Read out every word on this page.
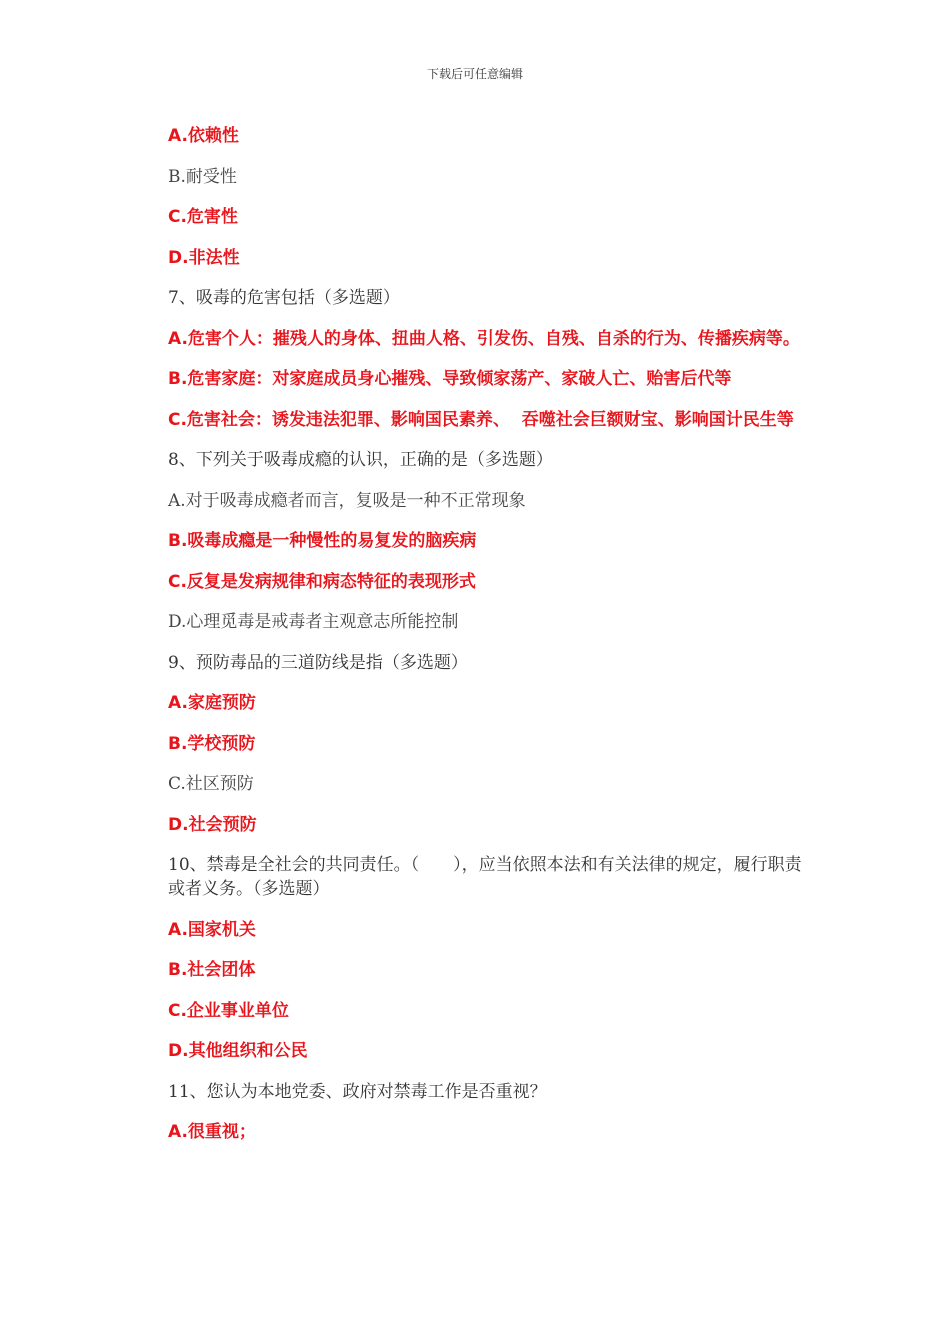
下载后可任意编辑
A.依赖性
B.耐受性
C.危害性
D.非法性
7、吸毒的危害包括（多选题）
A.危害个人：摧残人的身体、扭曲人格、引发伤、自残、自杀的行为、传播疾病等。
B.危害家庭：对家庭成员身心摧残、导致倾家荡产、家破人亡、贻害后代等
C.危害社会：诱发违法犯罪、影响国民素养、  吞噬社会巨额财宝、影响国计民生等
8、下列关于吸毒成瘾的认识，正确的是（多选题）
A.对于吸毒成瘾者而言，复吸是一种不正常现象
B.吸毒成瘾是一种慢性的易复发的脑疾病
C.反复是发病规律和病态特征的表现形式
D.心理觅毒是戒毒者主观意志所能控制
9、预防毒品的三道防线是指（多选题）
A.家庭预防
B.学校预防
C.社区预防
D.社会预防
10、禁毒是全社会的共同责任。（　　），应当依照本法和有关法律的规定，履行职责或者义务。（多选题）
A.国家机关
B.社会团体
C.企业事业单位
D.其他组织和公民
11、您认为本地党委、政府对禁毒工作是否重视？
A.很重视；
